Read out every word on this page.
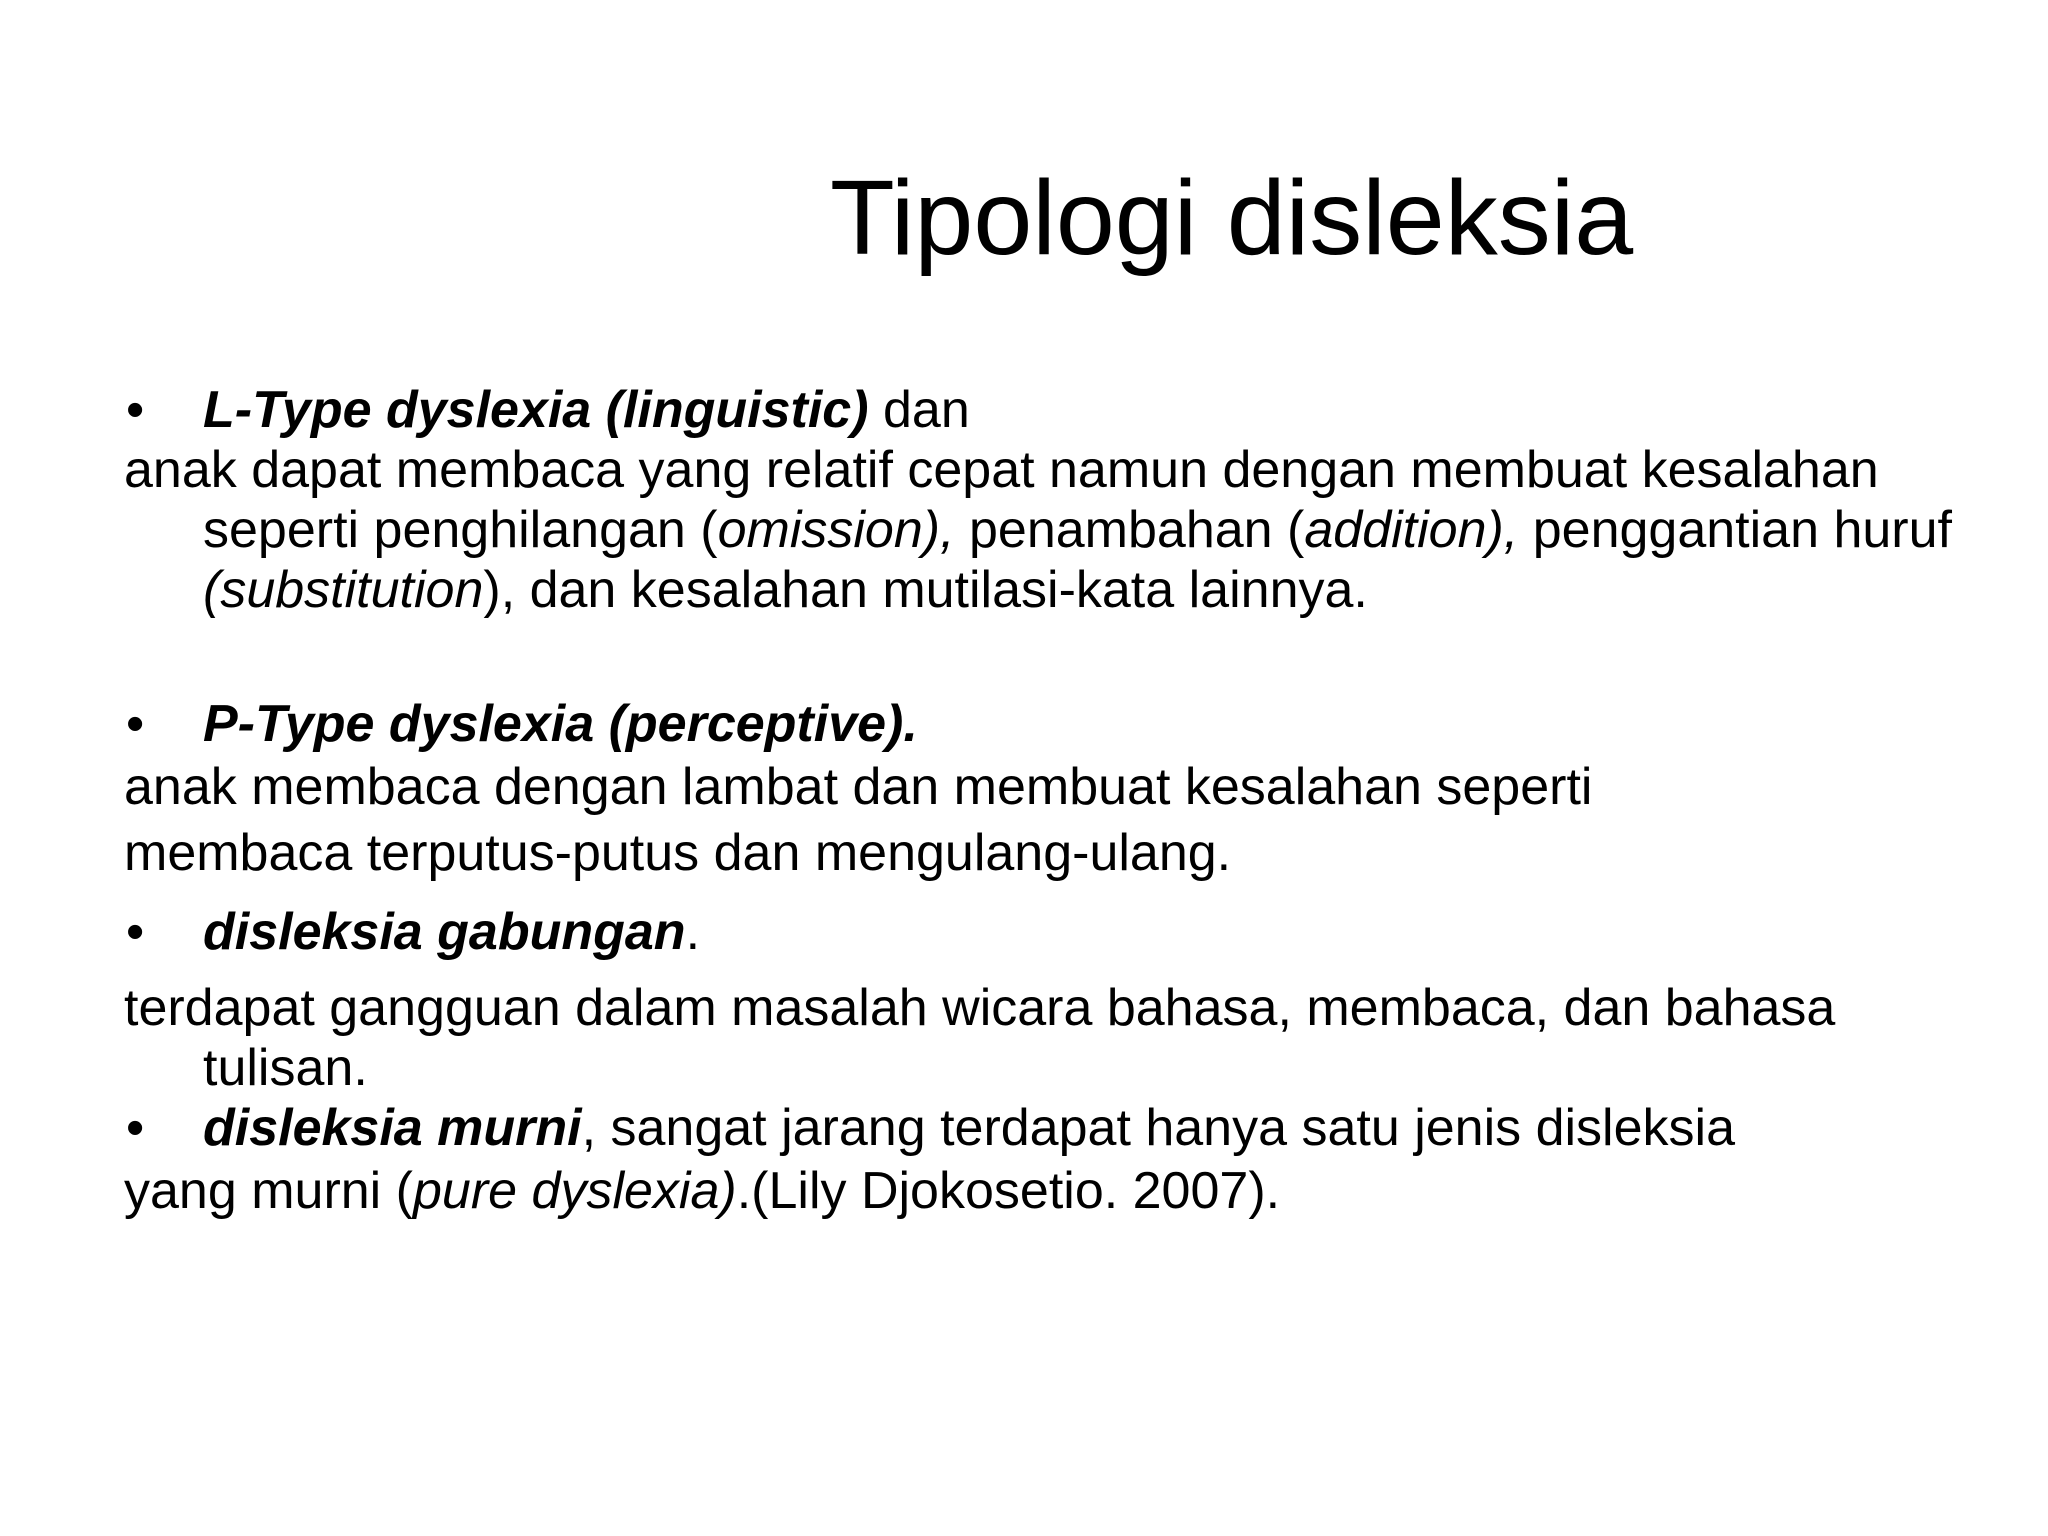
Tipologi disleksia
• L-Type dyslexia (linguistic) dan
anak dapat membaca yang relatif cepat namun dengan membuat kesalahan seperti penghilangan (omission), penambahan (addition), penggantian huruf (substitution), dan kesalahan mutilasi-kata lainnya.
• P-Type dyslexia (perceptive).
anak membaca dengan lambat dan membuat kesalahan seperti
membaca terputus-putus dan mengulang-ulang.
• disleksia gabungan.
terdapat gangguan dalam masalah wicara bahasa, membaca, dan bahasa tulisan.
• disleksia murni, sangat jarang terdapat hanya satu jenis disleksia
yang murni (pure dyslexia).(Lily Djokosetio. 2007).
